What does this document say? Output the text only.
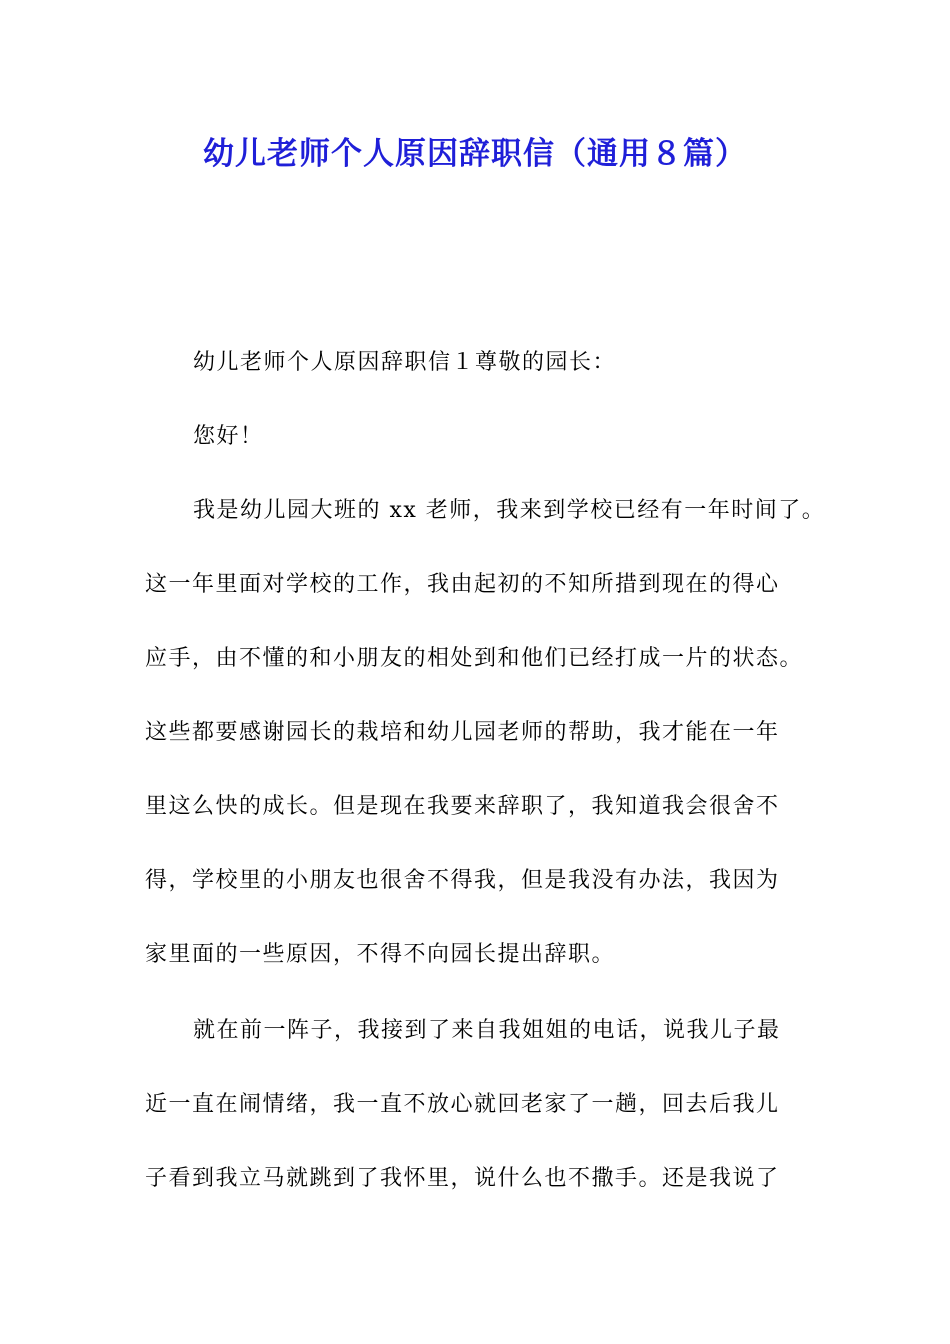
幼儿老师个人原因辞职信（通用８篇）
幼儿老师个人原因辞职信１尊敬的园长：
您好！
我是幼儿园大班的 xx 老师，我来到学校已经有一年时间了。
这一年里面对学校的工作，我由起初的不知所措到现在的得心
应手，由不懂的和小朋友的相处到和他们已经打成一片的状态。
这些都要感谢园长的栽培和幼儿园老师的帮助，我才能在一年
里这么快的成长。但是现在我要来辞职了，我知道我会很舍不
得，学校里的小朋友也很舍不得我，但是我没有办法，我因为
家里面的一些原因，不得不向园长提出辞职。
就在前一阵子，我接到了来自我姐姐的电话，说我儿子最
近一直在闹情绪，我一直不放心就回老家了一趟，回去后我儿
子看到我立马就跳到了我怀里，说什么也不撒手。还是我说了
